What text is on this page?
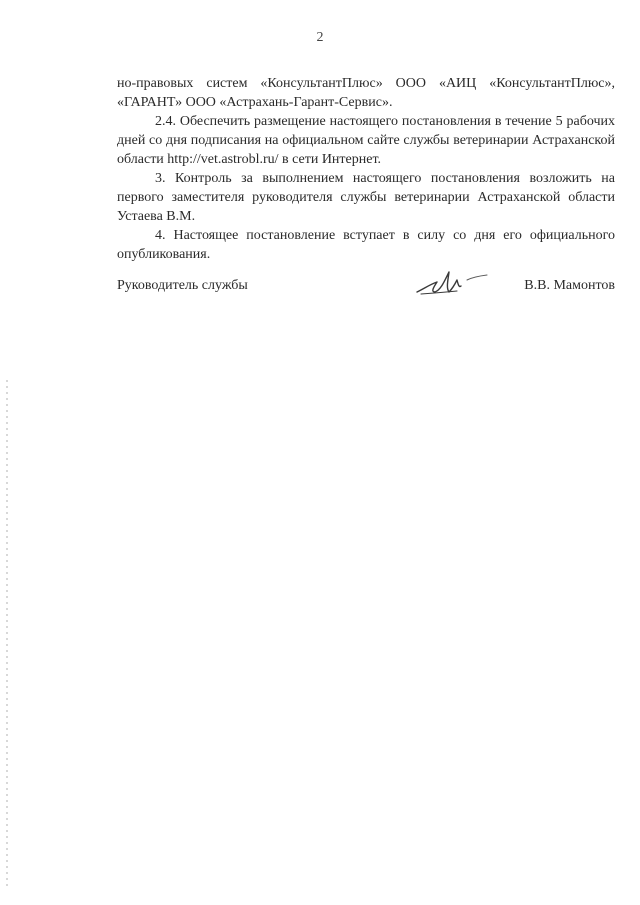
2

но-правовых систем «КонсультантПлюс» ООО «АИЦ «КонсультантПлюс», «ГАРАНТ» ООО «Астрахань-Гарант-Сервис».

2.4. Обеспечить размещение настоящего постановления в течение 5 рабочих дней со дня подписания на официальном сайте службы ветеринарии Астраханской области http://vet.astrobl.ru/ в сети Интернет.

3. Контроль за выполнением настоящего постановления возложить на первого заместителя руководителя службы ветеринарии Астраханской области Устаева В.М.

4. Настоящее постановление вступает в силу со дня его официального опубликования.

Руководитель службы	В.В. Мамонтов
